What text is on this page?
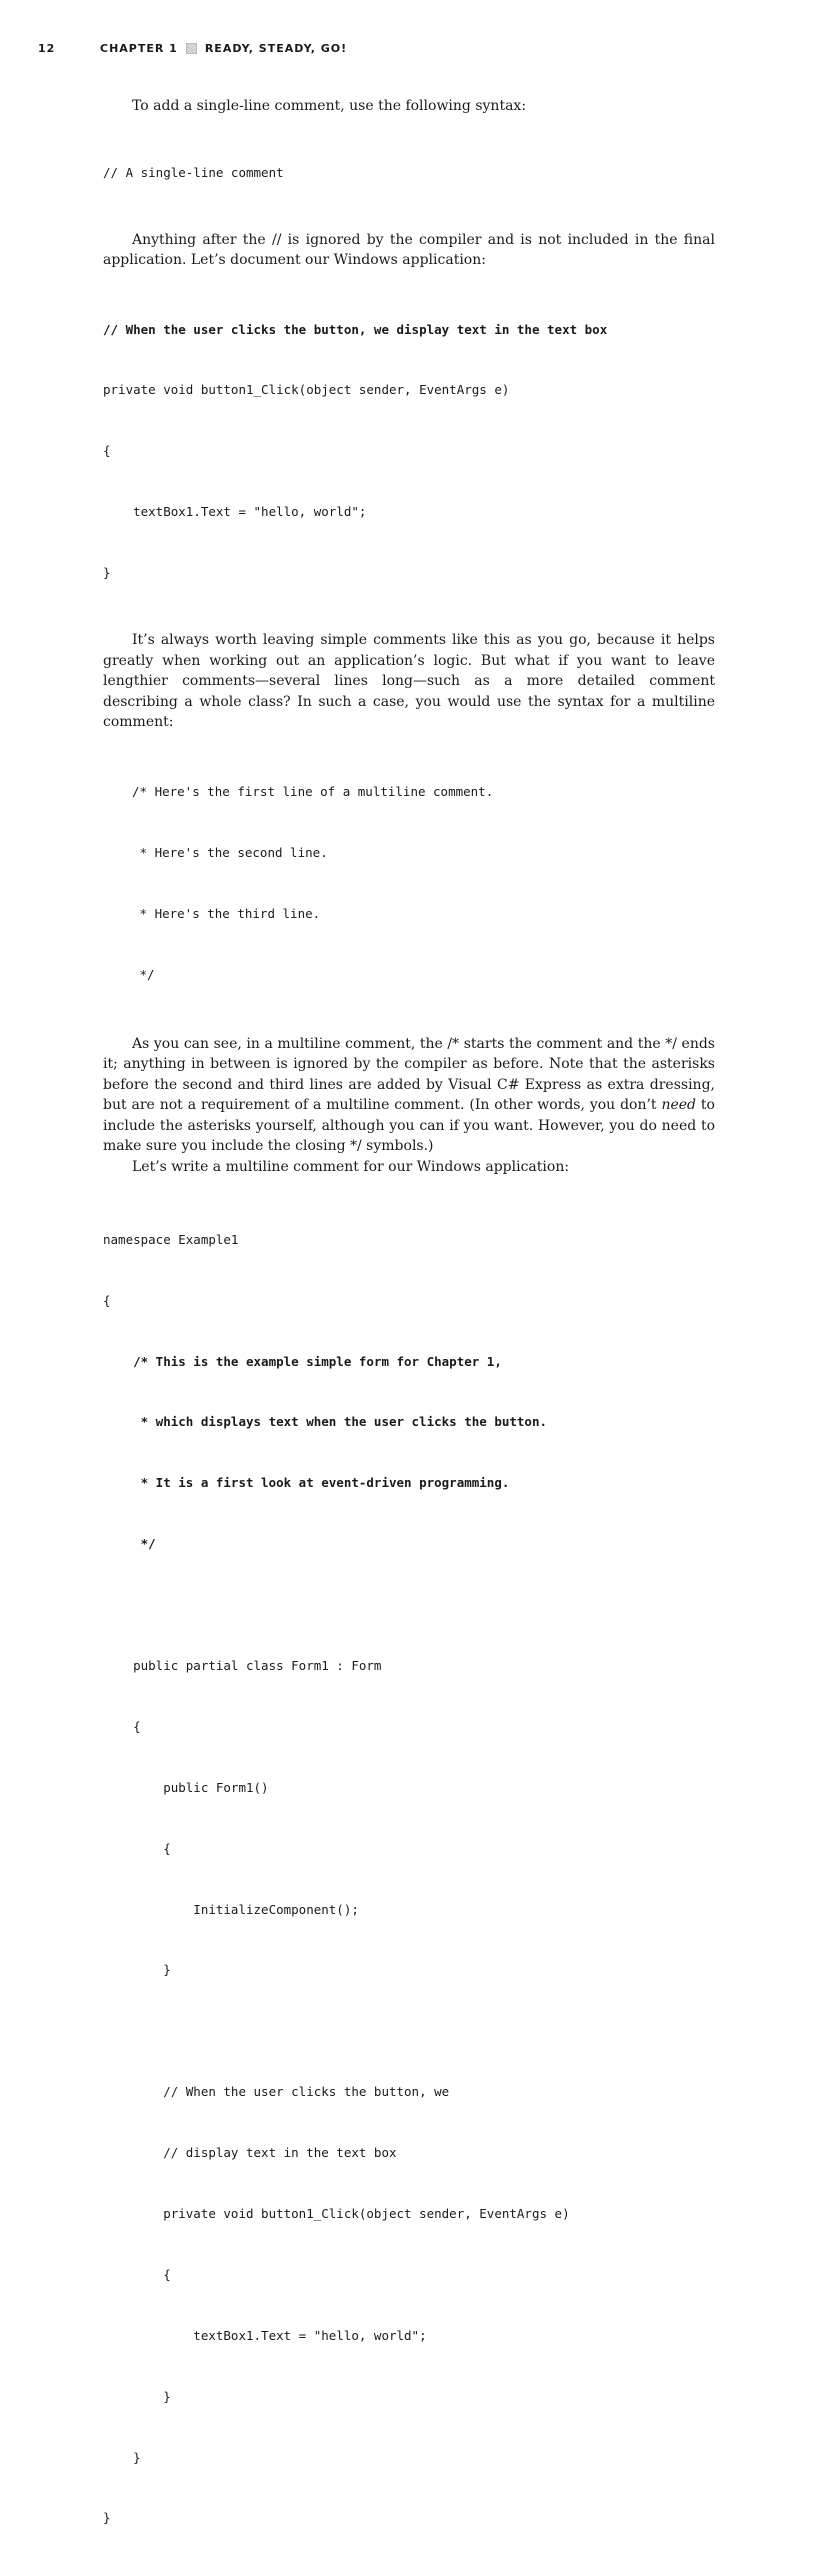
12	CHAPTER 1 READY, STEADY, GO!

To add a single-line comment, use the following syntax:

// A single-line comment

Anything after the // is ignored by the compiler and is not included in the final application. Let’s document our Windows application:

// When the user clicks the button, we display text in the text box

private void button1_Click(object sender, EventArgs e)

{

textBox1.Text = "hello, world";

}

It’s always worth leaving simple comments like this as you go, because it helps greatly when working out an application’s logic. But what if you want to leave lengthier comments—several lines long—such as a more detailed comment describing a whole class? In such a case, you would use the syntax for a multiline comment:

/* Here's the first line of a multiline comment.

* Here's the second line.

* Here's the third line.

*/

As you can see, in a multiline comment, the /* starts the comment and the */ ends it; anything in between is ignored by the compiler as before. Note that the asterisks before the second and third lines are added by Visual C# Express as extra dressing, but are not a requirement of a multiline comment. (In other words, you don’t need to include the asterisks yourself, although you can if you want. However, you do need to make sure you include the closing */ symbols.)

Let’s write a multiline comment for our Windows application:

namespace Example1

{

/* This is the example simple form for Chapter 1,

* which displays text when the user clicks the button.

* It is a first look at event-driven programming.

*/

public partial class Form1 : Form

{

public Form1()

{

InitializeComponent();

}

// When the user clicks the button, we

// display text in the text box

private void button1_Click(object sender, EventArgs e)

{

textBox1.Text = "hello, world";

}

}

}
